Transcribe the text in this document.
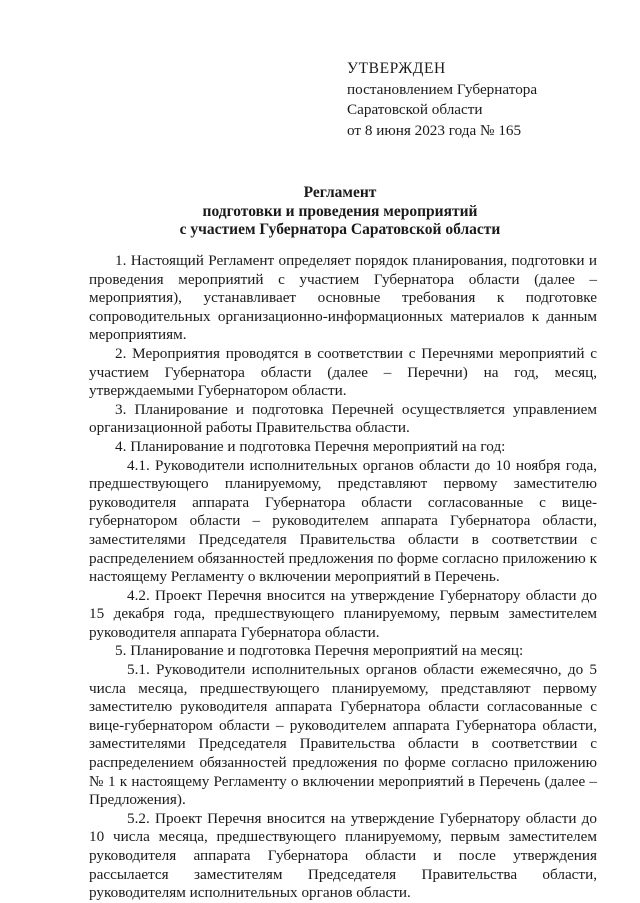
УТВЕРЖДЕН
постановлением Губернатора
Саратовской области
от 8 июня 2023 года № 165
Регламент
подготовки и проведения мероприятий
с участием Губернатора Саратовской области

1. Настоящий Регламент определяет порядок планирования, подготовки и проведения мероприятий с участием Губернатора области (далее – мероприятия), устанавливает основные требования к подготовке сопроводительных организационно-информационных материалов к данным мероприятиям.

2. Мероприятия проводятся в соответствии с Перечнями мероприятий с участием Губернатора области (далее – Перечни) на год, месяц, утверждаемыми Губернатором области.

3. Планирование и подготовка Перечней осуществляется управлением организационной работы Правительства области.

4. Планирование и подготовка Перечня мероприятий на год:

4.1. Руководители исполнительных органов области до 10 ноября года, предшествующего планируемому, представляют первому заместителю руководителя аппарата Губернатора области согласованные с вице-губернатором области – руководителем аппарата Губернатора области, заместителями Председателя Правительства области в соответствии с распределением обязанностей предложения по форме согласно приложению к настоящему Регламенту о включении мероприятий в Перечень.

4.2. Проект Перечня вносится на утверждение Губернатору области до 15 декабря года, предшествующего планируемому, первым заместителем руководителя аппарата Губернатора области.

5. Планирование и подготовка Перечня мероприятий на месяц:

5.1. Руководители исполнительных органов области ежемесячно, до 5 числа месяца, предшествующего планируемому, представляют первому заместителю руководителя аппарата Губернатора области согласованные с вице-губернатором области – руководителем аппарата Губернатора области, заместителями Председателя Правительства области в соответствии с распределением обязанностей предложения по форме согласно приложению № 1 к настоящему Регламенту о включении мероприятий в Перечень (далее – Предложения).

5.2. Проект Перечня вносится на утверждение Губернатору области до 10 числа месяца, предшествующего планируемому, первым заместителем руководителя аппарата Губернатора области и после утверждения рассылается заместителям Председателя Правительства области, руководителям исполнительных органов области.
